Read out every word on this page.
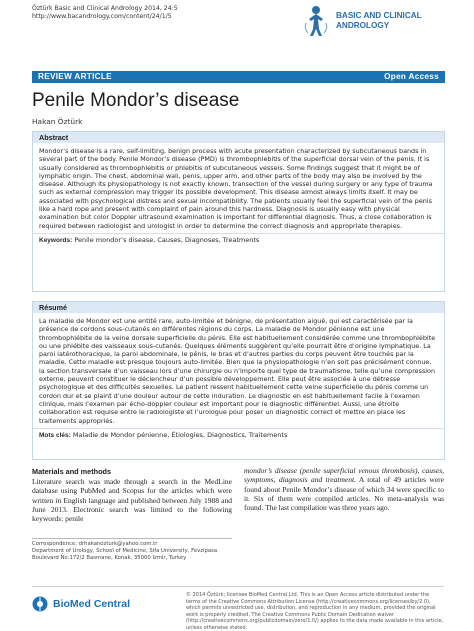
Öztürk Basic and Clinical Andrology 2014, 24:5
http://www.bacandrology.com/content/24/1/5	BASIC AND CLINICAL
ANDROLOGY
REVIEW ARTICLE	Open Access
Penile Mondor’s disease
Hakan Öztürk
Abstract
Mondor’s disease is a rare, self-limiting, benign process with acute presentation characterized by subcutaneous bands in several part of the body. Penile Mondor’s disease (PMD) is thrombophlebitis of the superficial dorsal vein of the penis. It is usually considered as thrombophlebitis or phlebitis of subcutaneous vessels. Some findings suggest that it might be of lymphatic origin. The chest, abdominal wall, penis, upper arm, and other parts of the body may also be involved by the disease. Although its physiopathology is not exactly known, transection of the vessel during surgery or any type of trauma such as external compression may trigger its possible development. This disease almost always limits itself. It may be associated with psychological distress and sexual incompatibility. The patients usually feel the superficial vein of the penis like a hard rope and present with complaint of pain around this hardness. Diagnosis is usually easy with physical examination but color Doppler ultrasound examination is important for differential diagnosis. Thus, a close collaboration is required between radiologist and urologist in order to determine the correct diagnosis and appropriate therapies.
Keywords: Penile mondor’s disease, Causes, Diagnoses, Treatments
Résumé
La maladie de Mondor est une entité rare, auto-limitée et bénigne, de présentation aiguë, qui est caractérisée par la présence de cordons sous-cutanés en différentes régions du corps. La maladie de Mondor pénienne est une thrombophlébite de la veine dorsale superficielle du pénis. Elle est habituellement considérée comme une thrombophlébite ou une phlébite des vaisseaux sous-cutanés. Quelques éléments suggèrent qu’elle pourrait être d’origine lymphatique. La paroi latérothoracique, la paroi abdominale, le pénis, le bras et d’autres parties du corps peuvent être touchés par la maladie. Cette maladie est presque toujours auto-limitée. Bien que la physiopathologie n’en soit pas précisément connue, la section transversale d’un vaisseau lors d’une chirurgie ou n’importe quel type de traumatisme, telle qu’une compression externe, peuvent constituer le déclencheur d’un possible développement. Elle peut être associée à une détresse psychologique et des difficultés sexuelles. Le patient ressent habituellement cette veine superficielle du pénis comme un cordon dur et se plaint d’une douleur autour de cette induration. Le diagnostic en est habituellement facile à l’examen clinique, mais l’examen par écho-doppler couleur est important pour le diagnostic différentiel. Aussi, une étroite collaboration est requise entre le radiologiste et l’urologue pour poser un diagnostic correct et mettre en place les traitements appropriés.
Mots clés: Maladie de Mondor pénienne, Étiologies, Diagnostics, Traitements
Materials and methods
Literature search was made through a search in the MedLine database using PubMed and Scopus for the articles which were written in English language and published between July 1988 and June 2013. Electronic search was limited to the following keywords: penile
mondor’s disease (penile superficial venous thrombosis), causes, symptoms, diagnosis and treatment. A total of 49 articles were found about Penile Mondor’s disease of which 34 were specific to it. Six of them were compiled articles. No meta-analysis was found. The last compilation was three years ago.
Correspondence: drhakanozturk@yahoo.com.tr
Department of Urology, School of Medicine, Sifa University, Fevzipasa
Boulevard No:172/2 Basmane, Konak, 35000 Izmir, Turkey
BioMed Central
© 2014 Öztürk; licensee BioMed Central Ltd. This is an Open Access article distributed under the terms of the Creative Commons Attribution License (http://creativecommons.org/licenses/by/2.0), which permits unrestricted use, distribution, and reproduction in any medium, provided the original work is properly credited. The Creative Commons Public Domain Dedication waiver (http://creativecommons.org/publicdomain/zero/1.0/) applies to the data made available in this article, unless otherwise stated.
